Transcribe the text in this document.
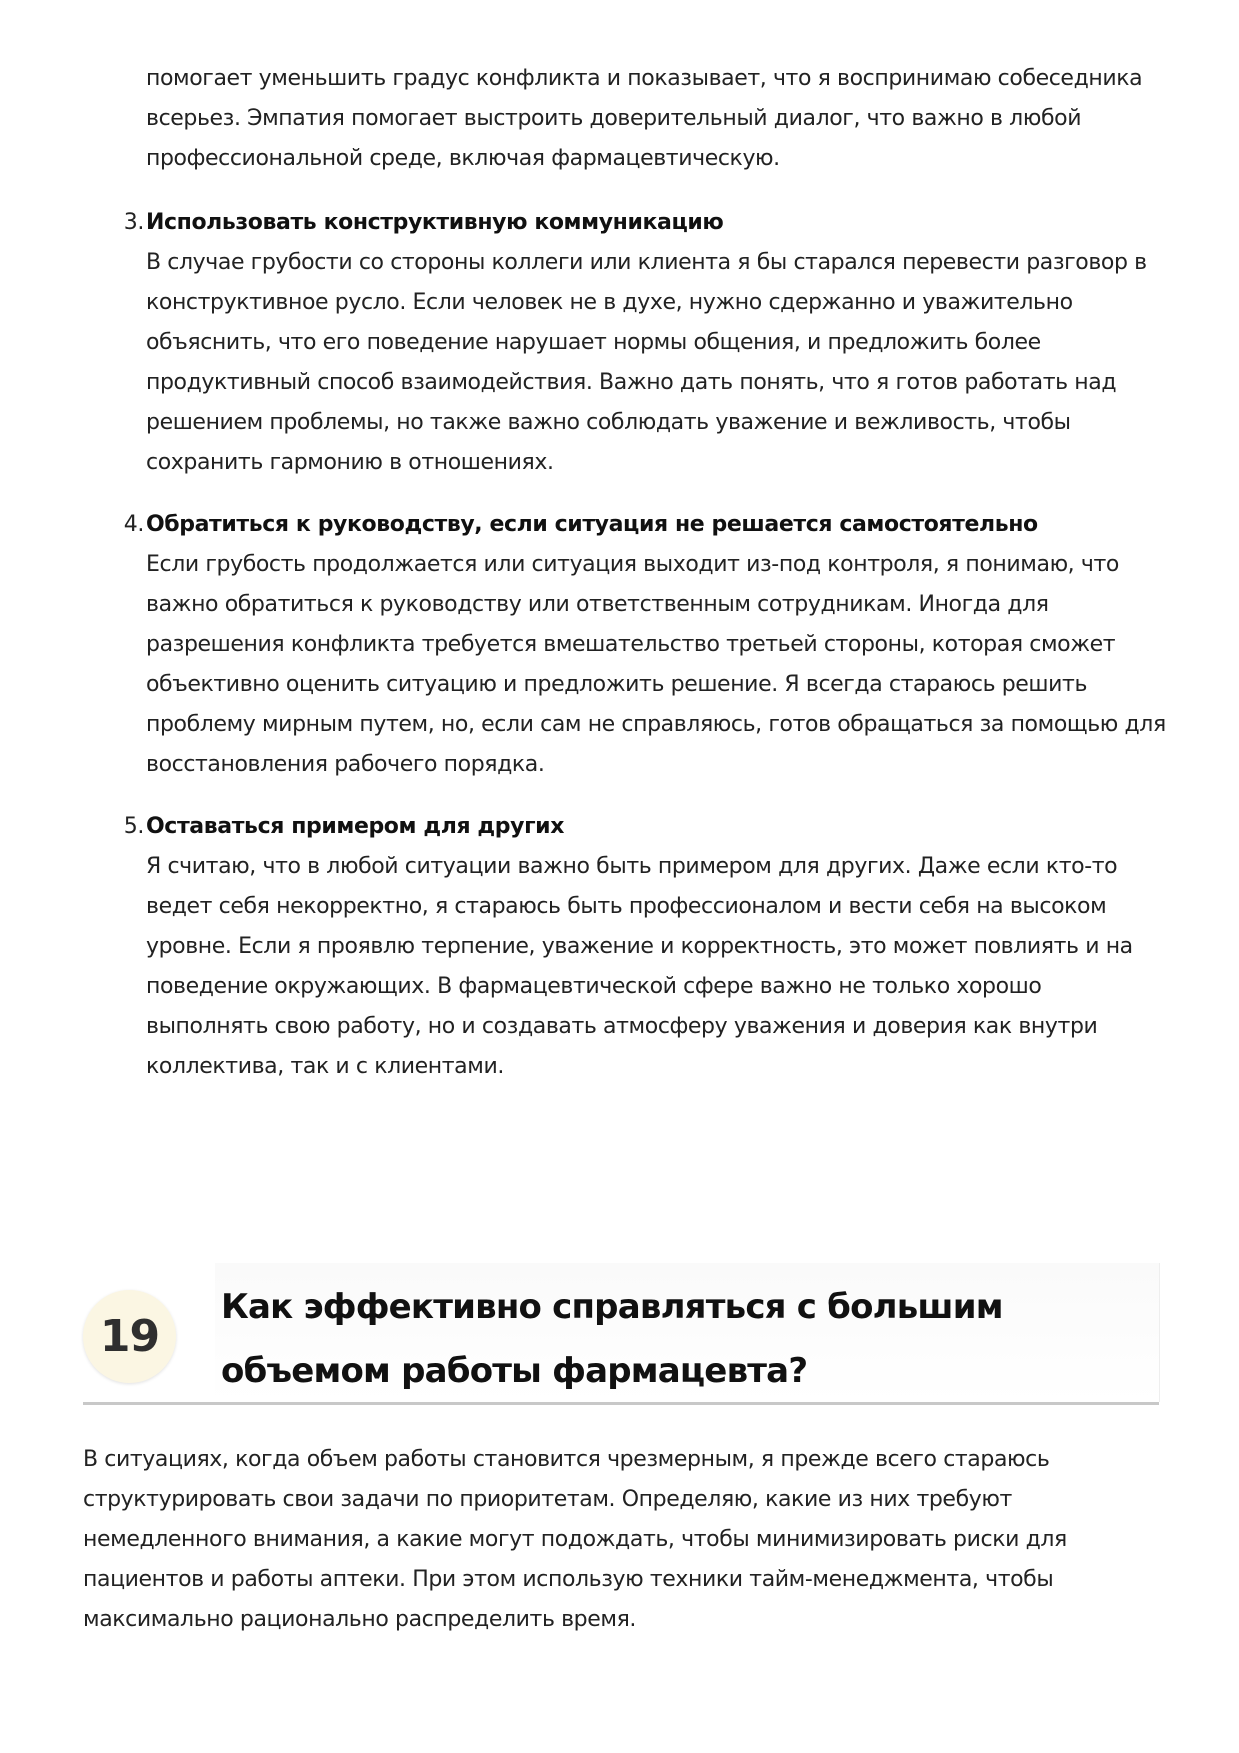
помогает уменьшить градус конфликта и показывает, что я воспринимаю собеседника всерьез. Эмпатия помогает выстроить доверительный диалог, что важно в любой профессиональной среде, включая фармацевтическую.

3. Использовать конструктивную коммуникацию
В случае грубости со стороны коллеги или клиента я бы старался перевести разговор в конструктивное русло. Если человек не в духе, нужно сдержанно и уважительно объяснить, что его поведение нарушает нормы общения, и предложить более продуктивный способ взаимодействия. Важно дать понять, что я готов работать над решением проблемы, но также важно соблюдать уважение и вежливость, чтобы сохранить гармонию в отношениях.
4. Обратиться к руководству, если ситуация не решается самостоятельно
Если грубость продолжается или ситуация выходит из-под контроля, я понимаю, что важно обратиться к руководству или ответственным сотрудникам. Иногда для разрешения конфликта требуется вмешательство третьей стороны, которая сможет объективно оценить ситуацию и предложить решение. Я всегда стараюсь решить проблему мирным путем, но, если сам не справляюсь, готов обращаться за помощью для восстановления рабочего порядка.
5. Оставаться примером для других
Я считаю, что в любой ситуации важно быть примером для других. Даже если кто-то ведет себя некорректно, я стараюсь быть профессионалом и вести себя на высоком уровне. Если я проявлю терпение, уважение и корректность, это может повлиять и на поведение окружающих. В фармацевтической сфере важно не только хорошо выполнять свою работу, но и создавать атмосферу уважения и доверия как внутри коллектива, так и с клиентами.
19
Как эффективно справляться с большим объемом работы фармацевта?

В ситуациях, когда объем работы становится чрезмерным, я прежде всего стараюсь структурировать свои задачи по приоритетам. Определяю, какие из них требуют немедленного внимания, а какие могут подождать, чтобы минимизировать риски для пациентов и работы аптеки. При этом использую техники тайм-менеджмента, чтобы максимально рационально распределить время.
